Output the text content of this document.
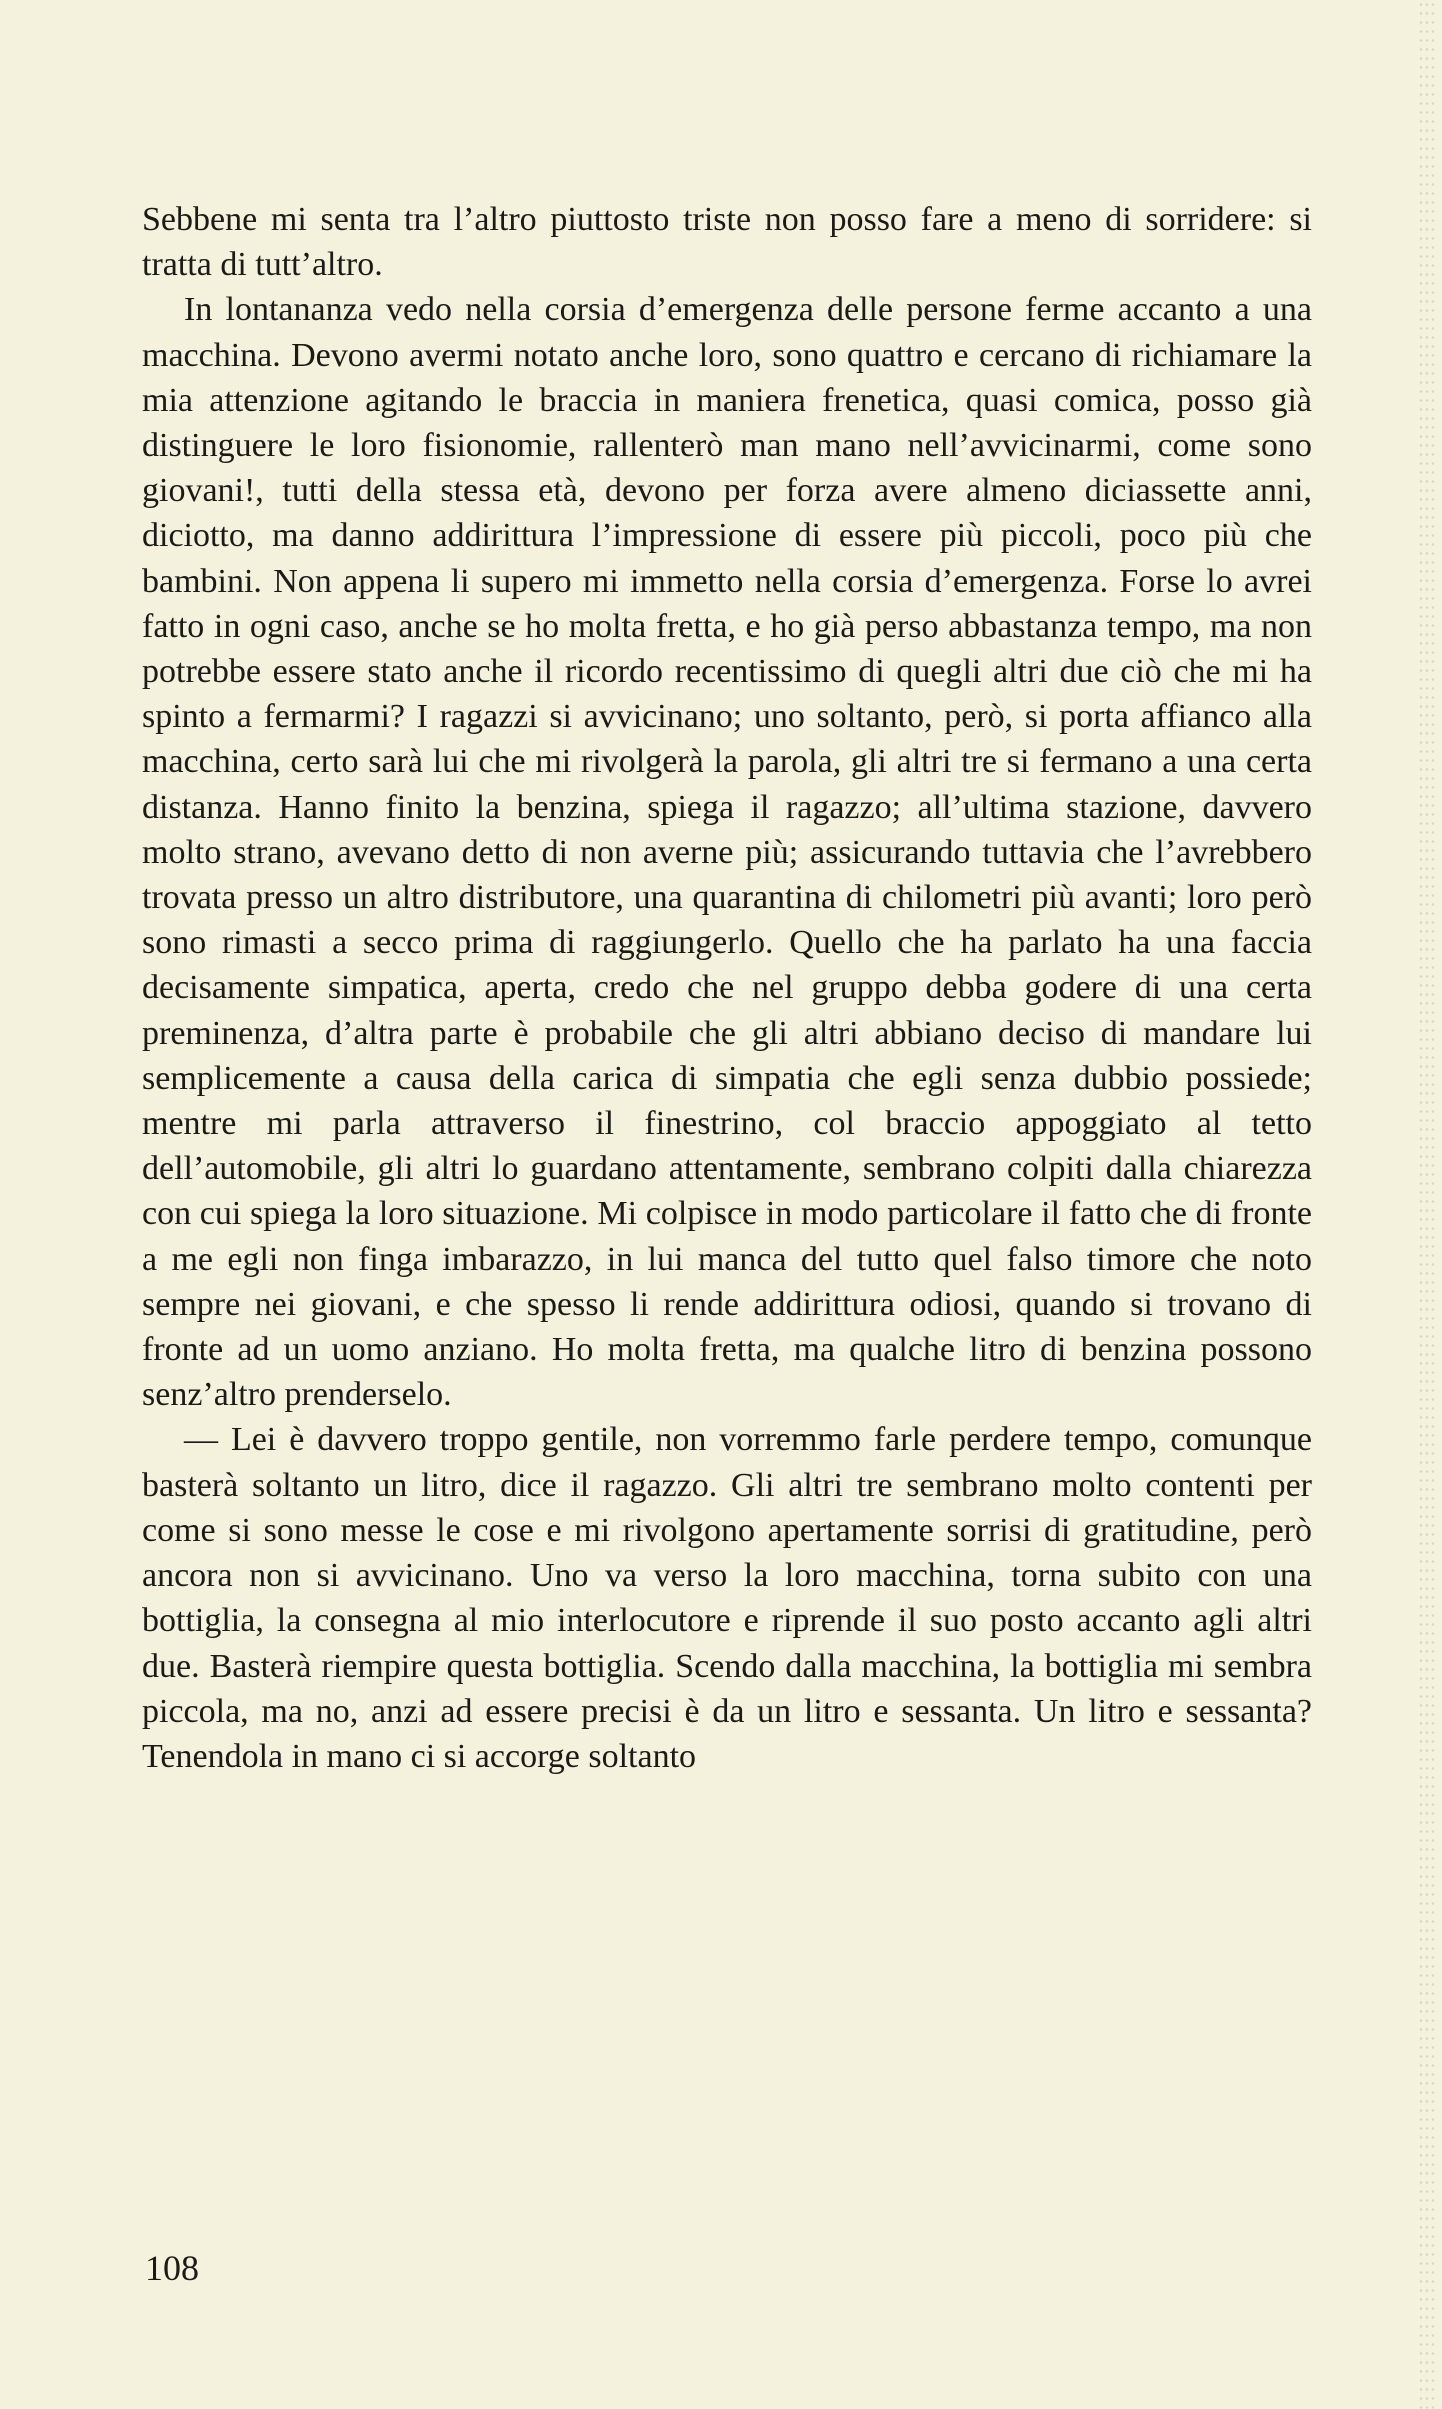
Sebbene mi senta tra l’altro piuttosto triste non posso fare a meno di sorridere: si tratta di tutt’altro.

In lontananza vedo nella corsia d’emergenza delle persone ferme accanto a una macchina. Devono avermi notato anche loro, sono quattro e cercano di richiamare la mia attenzione agitando le braccia in maniera frenetica, quasi comica, posso già distinguere le loro fisionomie, rallenterò man mano nell’avvicinarmi, come sono giovani!, tutti della stessa età, devono per forza avere almeno diciassette anni, diciotto, ma danno addirittura l’impressione di essere più piccoli, poco più che bambini. Non appena li supero mi immetto nella corsia d’emergenza. Forse lo avrei fatto in ogni caso, anche se ho molta fretta, e ho già perso abbastanza tempo, ma non potrebbe essere stato anche il ricordo recentissimo di quegli altri due ciò che mi ha spinto a fermarmi? I ragazzi si avvicinano; uno soltanto, però, si porta affianco alla macchina, certo sarà lui che mi rivolgerà la parola, gli altri tre si fermano a una certa distanza. Hanno finito la benzina, spiega il ragazzo; all’ultima stazione, davvero molto strano, avevano detto di non averne più; assicurando tuttavia che l’avrebbero trovata presso un altro distributore, una quarantina di chilometri più avanti; loro però sono rimasti a secco prima di raggiungerlo. Quello che ha parlato ha una faccia decisamente simpatica, aperta, credo che nel gruppo debba godere di una certa preminenza, d’altra parte è probabile che gli altri abbiano deciso di mandare lui semplicemente a causa della carica di simpatia che egli senza dubbio possiede; mentre mi parla attraverso il finestrino, col braccio appoggiato al tetto dell’automobile, gli altri lo guardano attentamente, sembrano colpiti dalla chiarezza con cui spiega la loro situazione. Mi colpisce in modo particolare il fatto che di fronte a me egli non finga imbarazzo, in lui manca del tutto quel falso timore che noto sempre nei giovani, e che spesso li rende addirittura odiosi, quando si trovano di fronte ad un uomo anziano. Ho molta fretta, ma qualche litro di benzina possono senz’altro prenderselo.

— Lei è davvero troppo gentile, non vorremmo farle perdere tempo, comunque basterà soltanto un litro, dice il ragazzo. Gli altri tre sembrano molto contenti per come si sono messe le cose e mi rivolgono apertamente sorrisi di gratitudine, però ancora non si avvicinano. Uno va verso la loro macchina, torna subito con una bottiglia, la consegna al mio interlocutore e riprende il suo posto accanto agli altri due. Basterà riempire questa bottiglia. Scendo dalla macchina, la bottiglia mi sembra piccola, ma no, anzi ad essere precisi è da un litro e sessanta. Un litro e sessanta? Tenendola in mano ci si accorge soltanto

108
